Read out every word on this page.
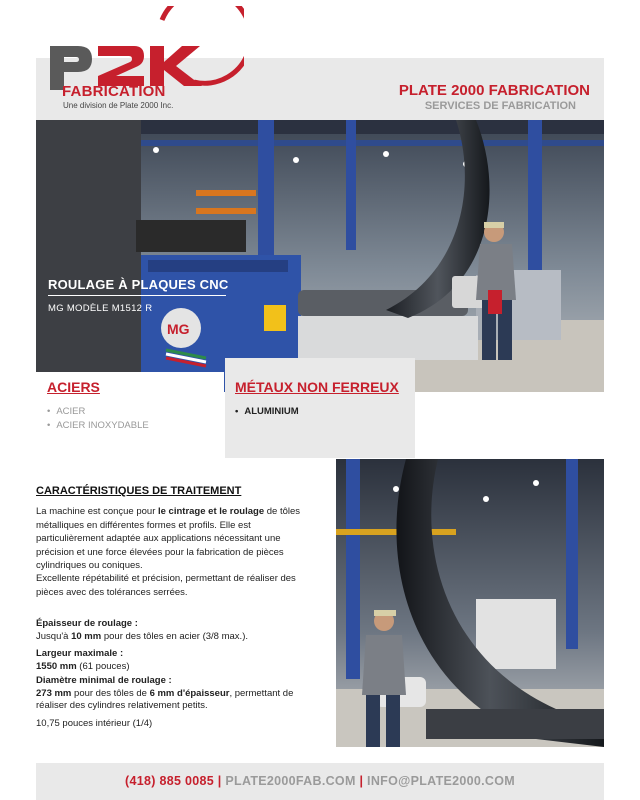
FABRICATION
Une division de Plate 2000 Inc.
PLATE 2000 FABRICATION
SERVICES DE FABRICATION
MG
ROULAGE À PLAQUES CNC
MG MODÈLE M1512 R
ACIERS
• ACIER
• ACIER INOXYDABLE
MÉTAUX NON FERREUX
• ALUMINIUM
CARACTÉRISTIQUES DE TRAITEMENT
La machine est conçue pour le cintrage et le roulage de tôles métalliques en différentes formes et profils. Elle est particulièrement adaptée aux applications nécessitant une précision et une force élevées pour la fabrication de pièces cylindriques ou coniques.
Excellente répétabilité et précision, permettant de réaliser des pièces avec des tolérances serrées.
Épaisseur de roulage :
Jusqu'à 10 mm pour des tôles en acier (3/8 max.).
Largeur maximale :
1550 mm (61 pouces)
Diamètre minimal de roulage :
273 mm pour des tôles de 6 mm d'épaisseur, permettant de réaliser des cylindres relativement petits.
10,75 pouces intérieur (1/4)
(418) 885 0085 | PLATE2000FAB.COM | INFO@PLATE2000.COM
